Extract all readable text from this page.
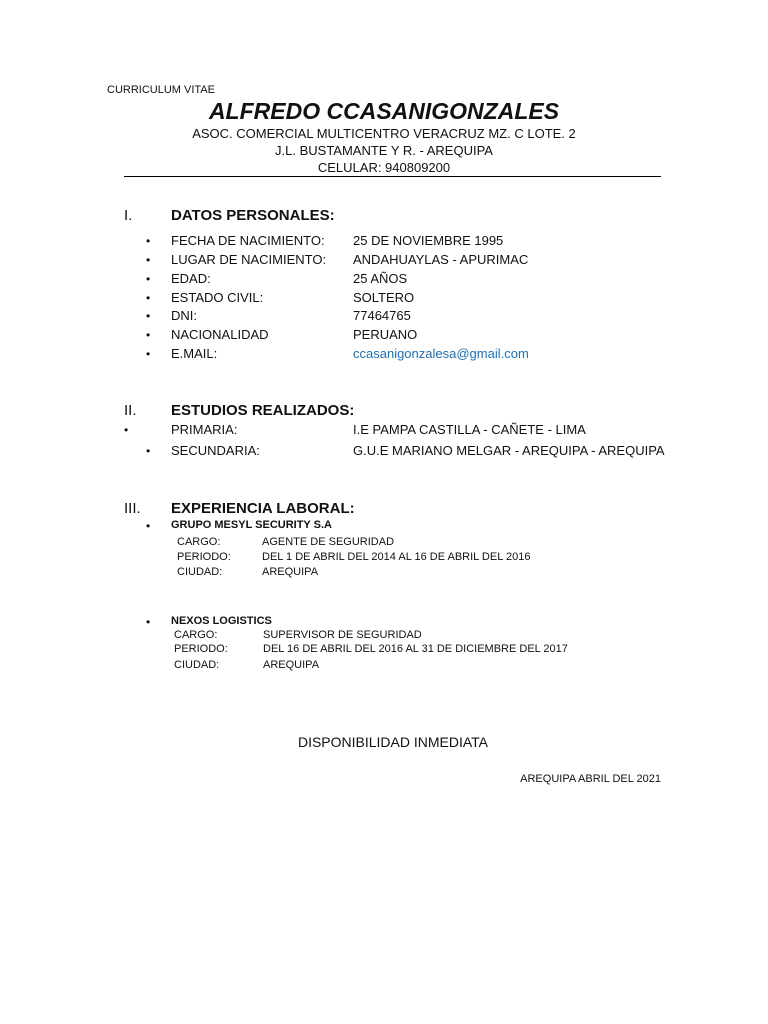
CURRICULUM VITAE
ALFREDO CCASANIGONZALES
ASOC. COMERCIAL MULTICENTRO VERACRUZ MZ. C LOTE. 2
J.L. BUSTAMANTE Y R. - AREQUIPA
CELULAR: 940809200
I.	DATOS PERSONALES:
• FECHA DE NACIMIENTO: 25 DE NOVIEMBRE 1995
• LUGAR DE NACIMIENTO: ANDAHUAYLAS - APURIMAC
• EDAD:	25 AÑOS
• ESTADO CIVIL:	SOLTERO
• DNI:	77464765
• NACIONALIDAD	PERUANO
• E.MAIL:	ccasanigonzalesa@gmail.com
II. ESTUDIOS REALIZADOS:
•	PRIMARIA:	I.E PAMPA CASTILLA - CAÑETE - LIMA
• SECUNDARIA:	G.U.E MARIANO MELGAR - AREQUIPA - AREQUIPA
III. EXPERIENCIA LABORAL:
• GRUPO MESYL SECURITY S.A
CARGO:	AGENTE DE SEGURIDAD
PERIODO:	DEL 1 DE ABRIL DEL 2014 AL 16 DE ABRIL DEL 2016
CIUDAD:	AREQUIPA
• NEXOS LOGISTICS
CARGO:	SUPERVISOR DE SEGURIDAD
PERIODO:	DEL 16 DE ABRIL DEL 2016 AL 31 DE DICIEMBRE DEL 2017
CIUDAD:	AREQUIPA
DISPONIBILIDAD INMEDIATA
AREQUIPA ABRIL DEL 2021
